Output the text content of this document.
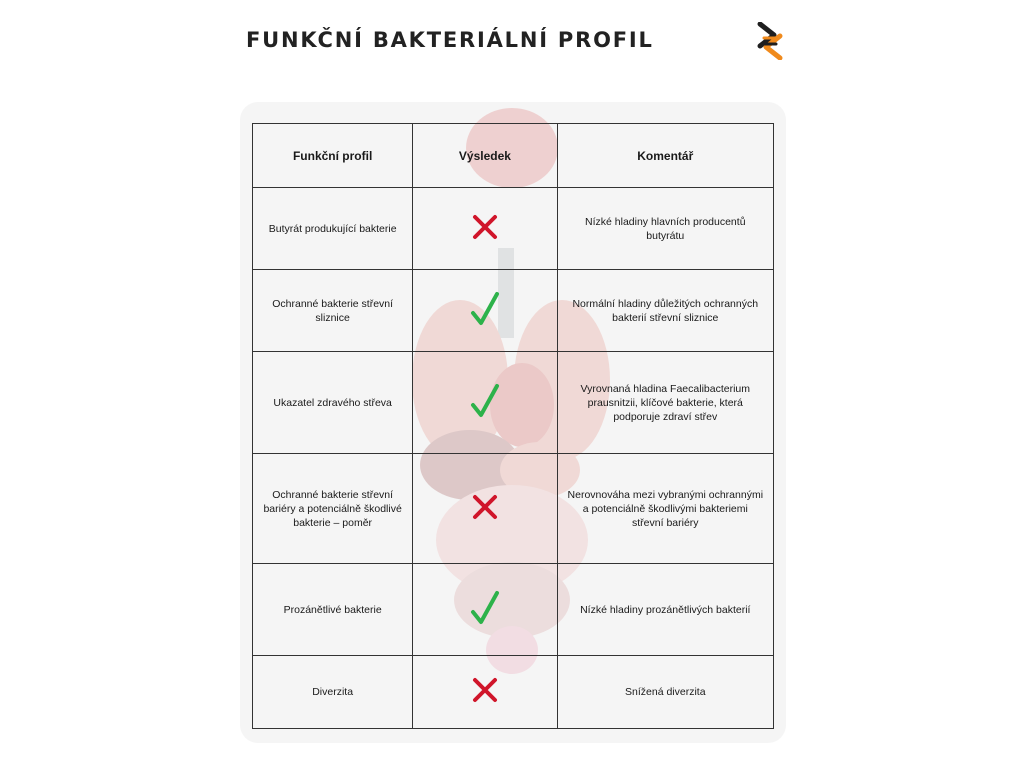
FUNKČNÍ BAKTERIÁLNÍ PROFIL
Funkční profil	Výsledek	Komentář
Butyrát produkující bakterie		Nízké hladiny hlavních producentů butyrátu
Ochranné bakterie střevní sliznice		Normální hladiny důležitých ochranných bakterií střevní sliznice
Ukazatel zdravého střeva		Vyrovnaná hladina Faecalibacterium prausnitzii, klíčové bakterie, která podporuje zdraví střev
Ochranné bakterie střevní bariéry a potenciálně škodlivé bakterie – poměr		Nerovnováha mezi vybranými ochrannými a potenciálně škodlivými bakteriemi střevní bariéry
Prozánětlivé bakterie		Nízké hladiny prozánětlivých bakterií
Diverzita		Snížená diverzita
